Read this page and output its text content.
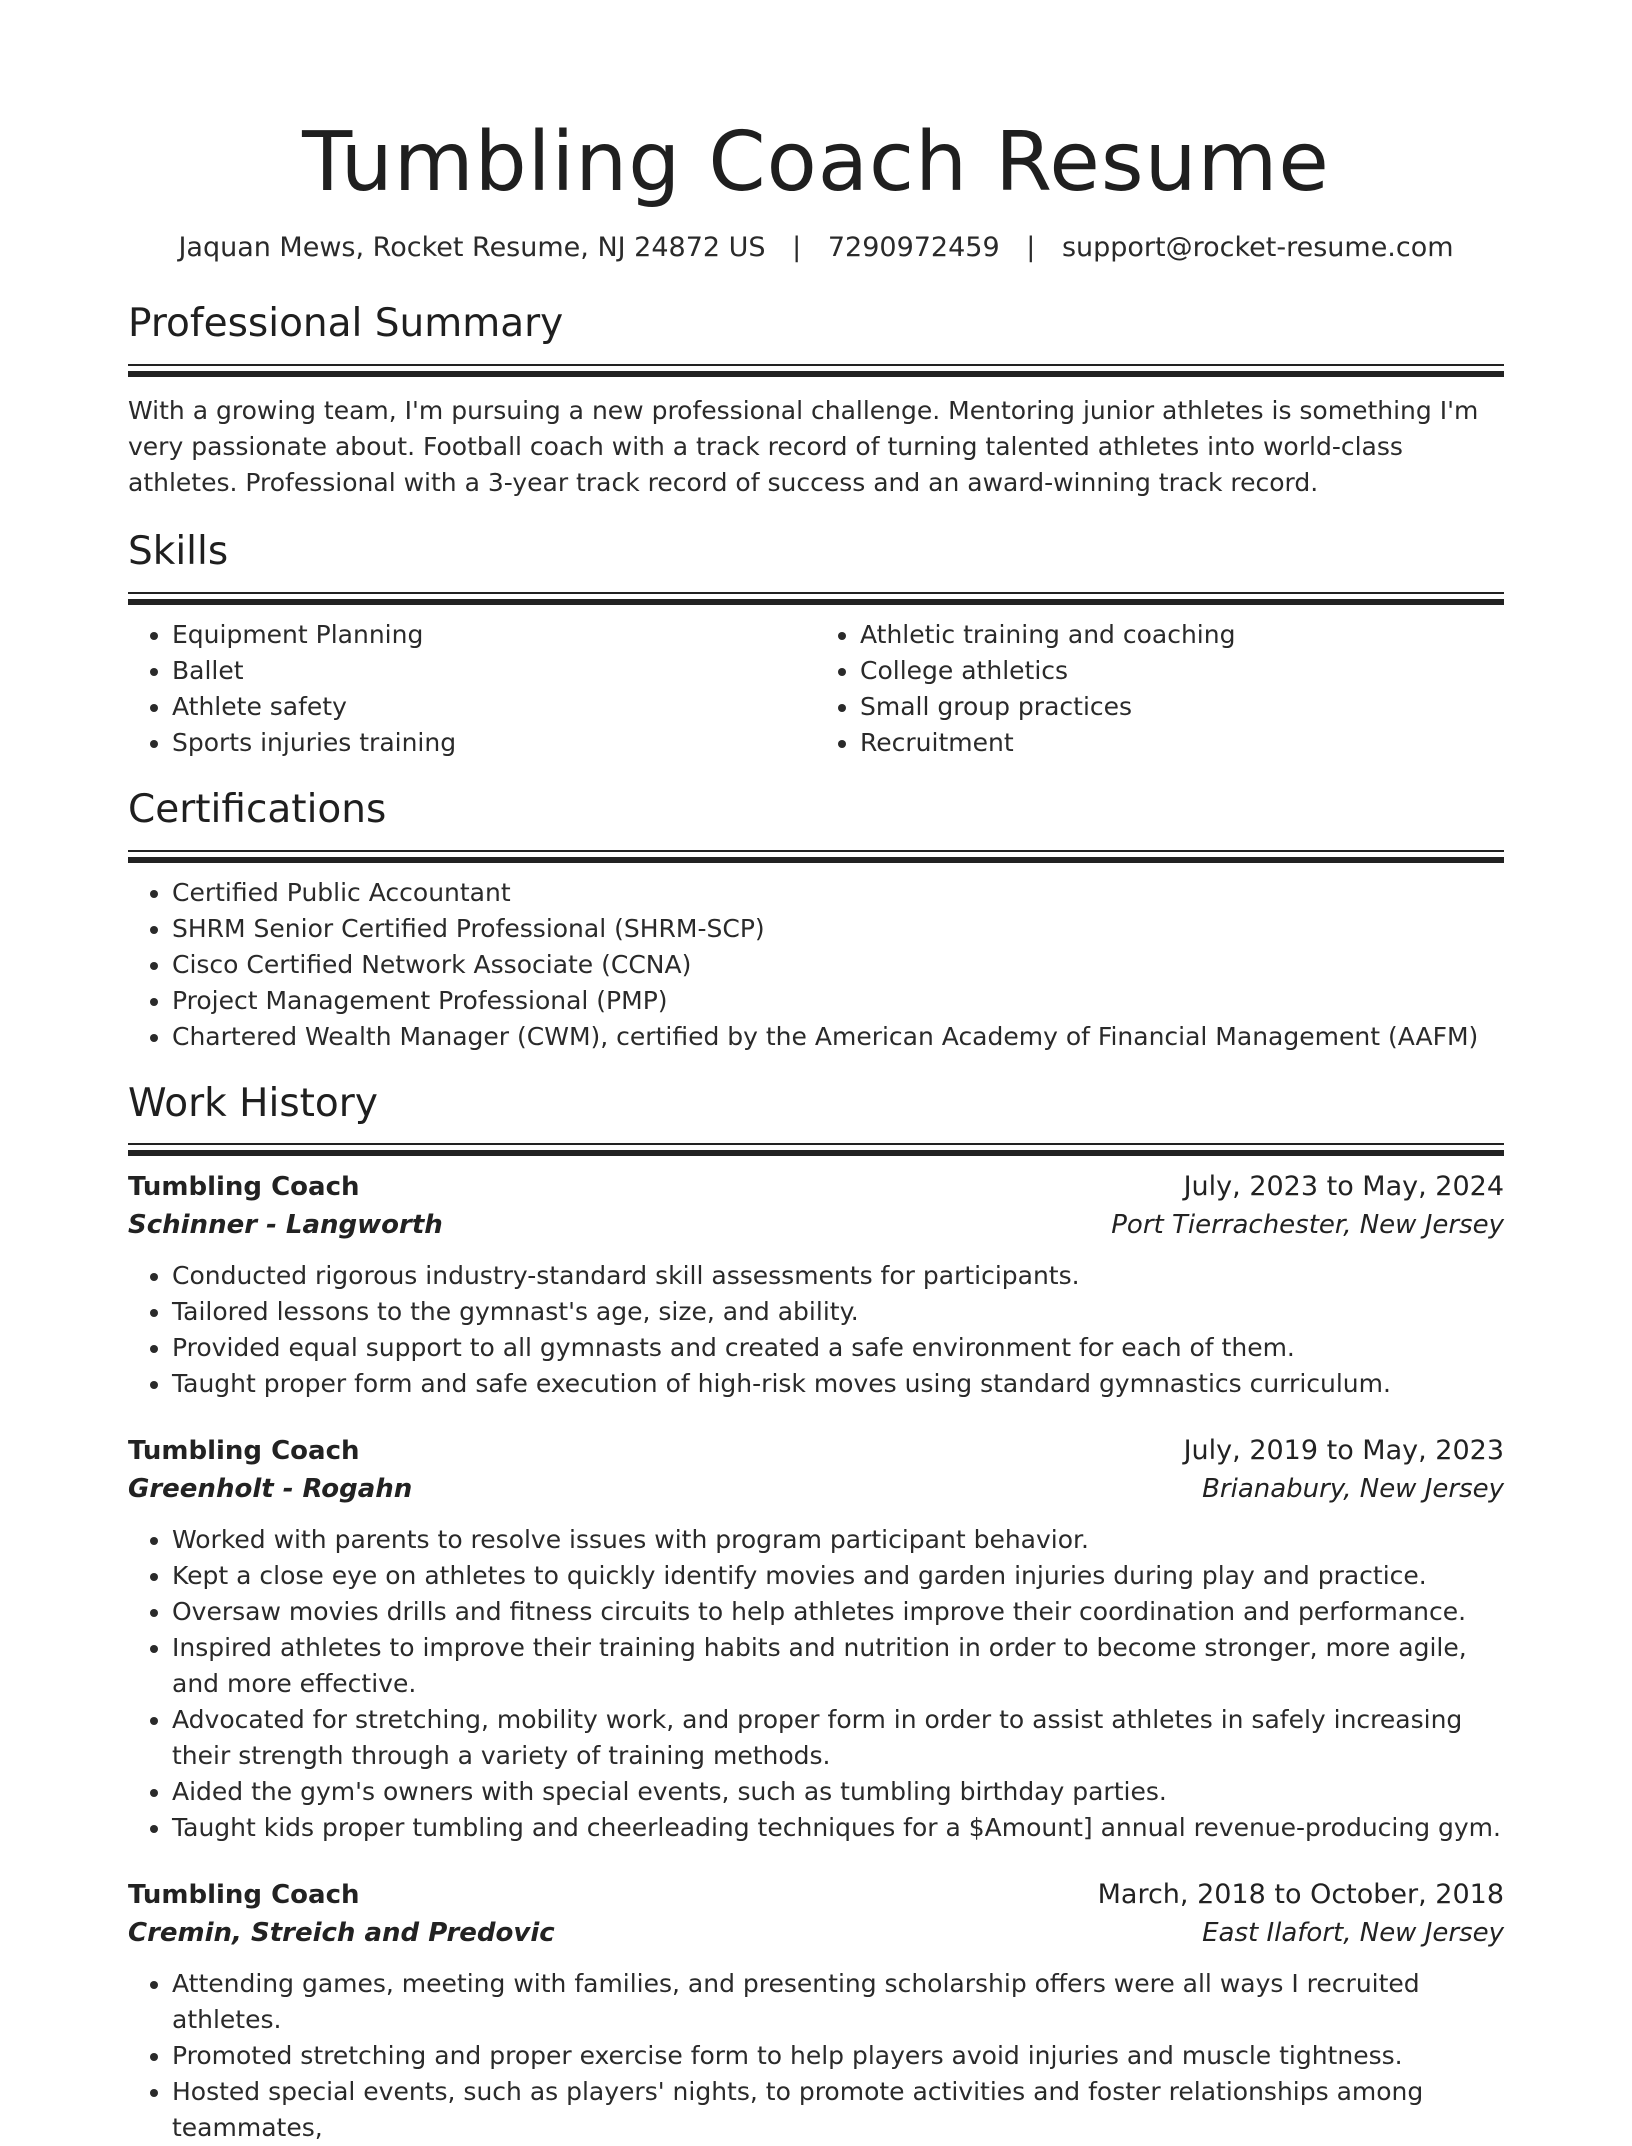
Tumbling Coach Resume
Jaquan Mews, Rocket Resume, NJ 24872 US | 7290972459 | support@rocket-resume.com
Professional Summary

With a growing team, I'm pursuing a new professional challenge. Mentoring junior athletes is something I'm very passionate about. Football coach with a track record of turning talented athletes into world-class athletes. Professional with a 3-year track record of success and an award-winning track record.

Skills
• Equipment Planning
• Ballet
• Athlete safety
• Sports injuries training
• Athletic training and coaching
• College athletics
• Small group practices
• Recruitment
Certifications
• Certified Public Accountant
• SHRM Senior Certified Professional (SHRM-SCP)
• Cisco Certified Network Associate (CCNA)
• Project Management Professional (PMP)
• Chartered Wealth Manager (CWM), certified by the American Academy of Financial Management (AAFM)
Work History
Tumbling Coach	July, 2023 to May, 2024
Schinner - Langworth	Port Tierrachester, New Jersey
• Conducted rigorous industry-standard skill assessments for participants.
• Tailored lessons to the gymnast's age, size, and ability.
• Provided equal support to all gymnasts and created a safe environment for each of them.
• Taught proper form and safe execution of high-risk moves using standard gymnastics curriculum.
Tumbling Coach	July, 2019 to May, 2023
Greenholt - Rogahn	Brianabury, New Jersey
• Worked with parents to resolve issues with program participant behavior.
• Kept a close eye on athletes to quickly identify movies and garden injuries during play and practice.
• Oversaw movies drills and fitness circuits to help athletes improve their coordination and performance.
• Inspired athletes to improve their training habits and nutrition in order to become stronger, more agile, and more effective.
• Advocated for stretching, mobility work, and proper form in order to assist athletes in safely increasing their strength through a variety of training methods.
• Aided the gym's owners with special events, such as tumbling birthday parties.
• Taught kids proper tumbling and cheerleading techniques for a $Amount] annual revenue-producing gym.
Tumbling Coach	March, 2018 to October, 2018
Cremin, Streich and Predovic	East Ilafort, New Jersey
• Attending games, meeting with families, and presenting scholarship offers were all ways I recruited athletes.
• Promoted stretching and proper exercise form to help players avoid injuries and muscle tightness.
• Hosted special events, such as players' nights, to promote activities and foster relationships among teammates,
